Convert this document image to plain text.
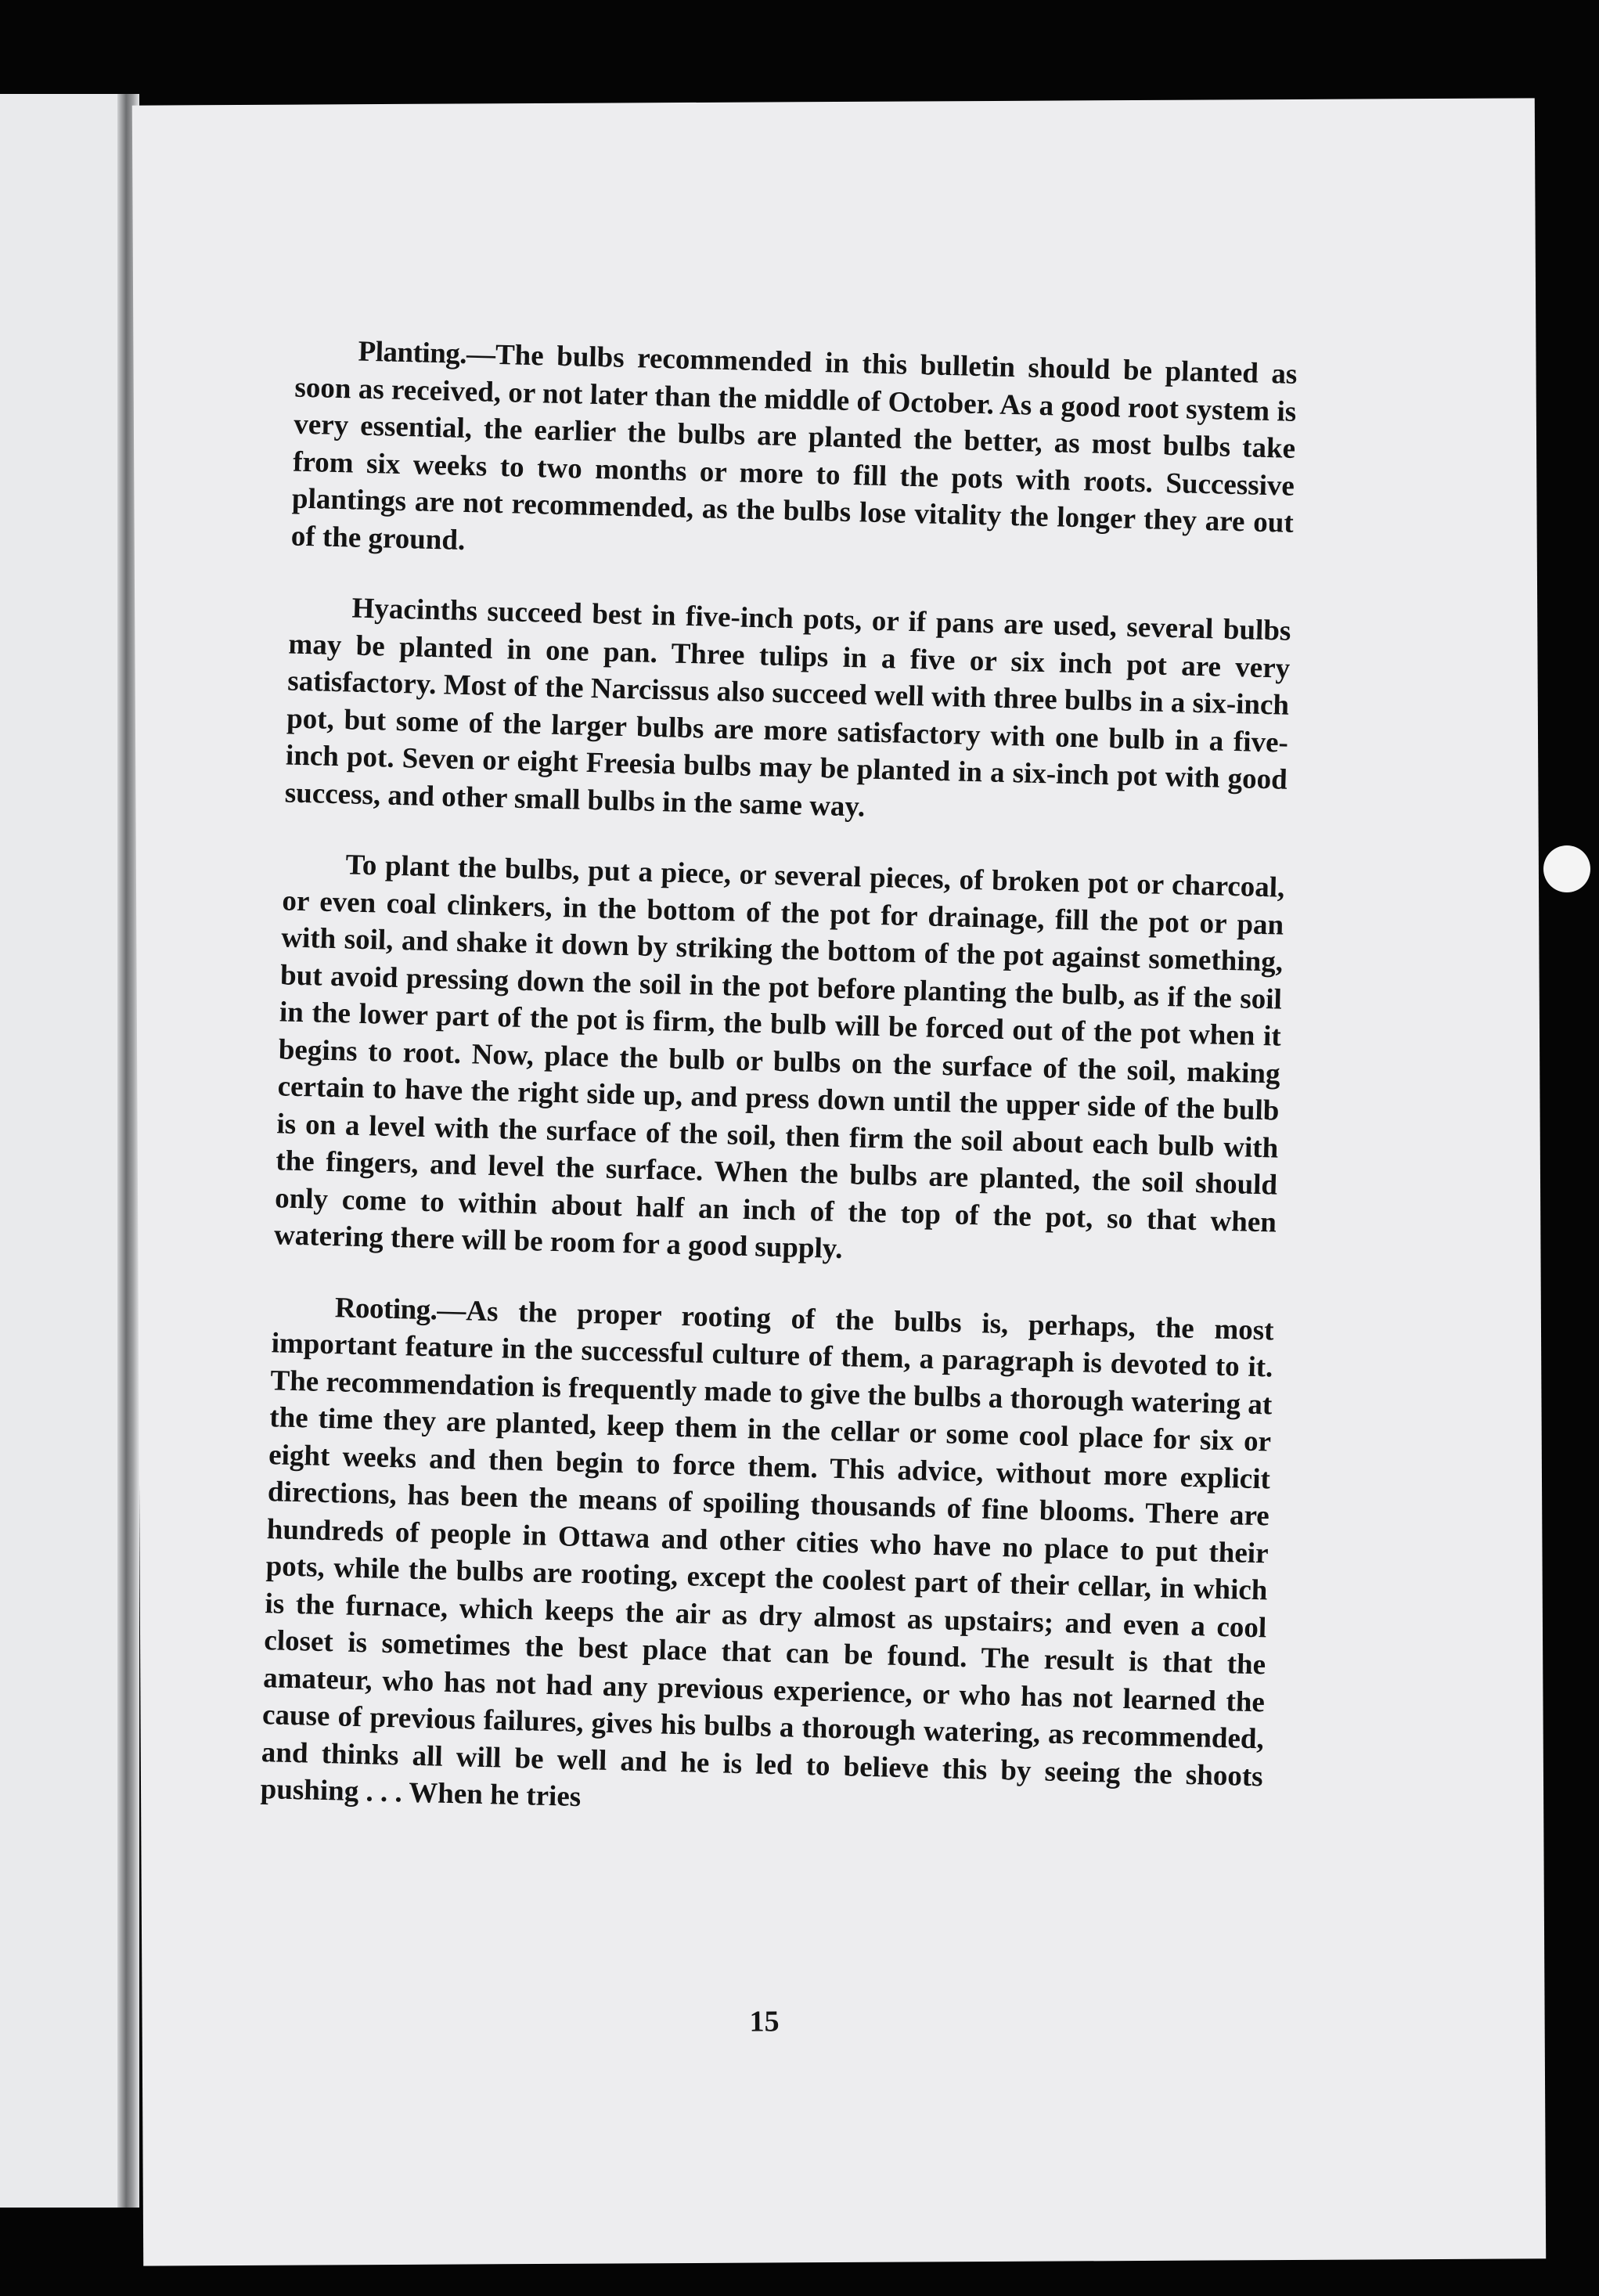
Planting.—The bulbs recommended in this bulletin should be planted as soon as received, or not later than the middle of October. As a good root system is very essential, the earlier the bulbs are planted the better, as most bulbs take from six weeks to two months or more to fill the pots with roots. Successive plantings are not recommended, as the bulbs lose vitality the longer they are out of the ground.

Hyacinths succeed best in five-inch pots, or if pans are used, several bulbs may be planted in one pan. Three tulips in a five or six inch pot are very satisfactory. Most of the Narcissus also succeed well with three bulbs in a six-inch pot, but some of the larger bulbs are more satisfactory with one bulb in a five-inch pot. Seven or eight Freesia bulbs may be planted in a six-inch pot with good success, and other small bulbs in the same way.

To plant the bulbs, put a piece, or several pieces, of broken pot or charcoal, or even coal clinkers, in the bottom of the pot for drainage, fill the pot or pan with soil, and shake it down by striking the bottom of the pot against something, but avoid pressing down the soil in the pot before planting the bulb, as if the soil in the lower part of the pot is firm, the bulb will be forced out of the pot when it begins to root. Now, place the bulb or bulbs on the surface of the soil, making certain to have the right side up, and press down until the upper side of the bulb is on a level with the surface of the soil, then firm the soil about each bulb with the fingers, and level the surface. When the bulbs are planted, the soil should only come to within about half an inch of the top of the pot, so that when watering there will be room for a good supply.

Rooting.—As the proper rooting of the bulbs is, perhaps, the most important feature in the successful culture of them, a paragraph is devoted to it. The recommendation is frequently made to give the bulbs a thorough watering at the time they are planted, keep them in the cellar or some cool place for six or eight weeks and then begin to force them. This advice, without more explicit directions, has been the means of spoiling thousands of fine blooms. There are hundreds of people in Ottawa and other cities who have no place to put their pots, while the bulbs are rooting, except the coolest part of their cellar, in which is the furnace, which keeps the air as dry almost as upstairs; and even a cool closet is sometimes the best place that can be found. The result is that the amateur, who has not had any previous experience, or who has not learned the cause of previous failures, gives his bulbs a thorough watering, as recommended, and thinks all will be well and he is led to believe this by seeing the shoots pushing . . . When he tries

15
